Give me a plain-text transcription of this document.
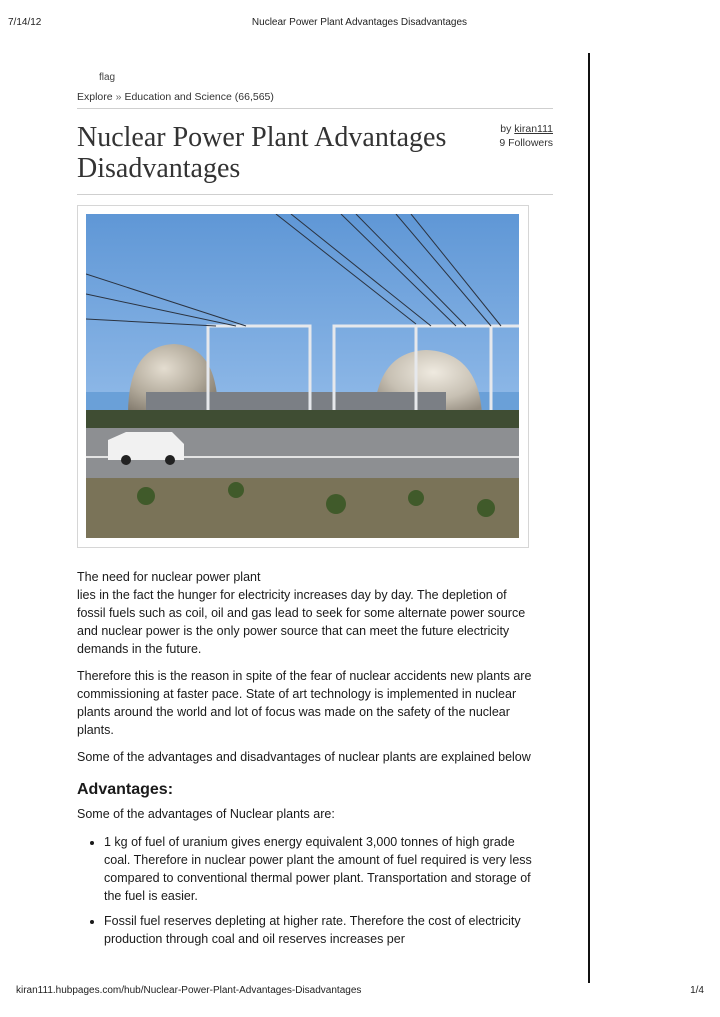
7/14/12	Nuclear Power Plant Advantages Disadvantages
flag
Explore » Education and Science (66,565)
Nuclear Power Plant Advantages Disadvantages
by kiran111
9 Followers

The need for nuclear power plant
lies in the fact the hunger for electricity increases day by day. The depletion of fossil fuels such as coil, oil and gas lead to seek for some alternate power source and nuclear power is the only power source that can meet the future electricity demands in the future.

Therefore this is the reason in spite of the fear of nuclear accidents new plants are commissioning at faster pace. State of art technology is implemented in nuclear plants around the world and lot of focus was made on the safety of the nuclear plants.

Some of the advantages and disadvantages of nuclear plants are explained below

Advantages:

Some of the advantages of Nuclear plants are:

• 1 kg of fuel of uranium gives energy equivalent 3,000 tonnes of high grade coal. Therefore in nuclear power plant the amount of fuel required is very less compared to conventional thermal power plant. Transportation and storage of the fuel is easier.
• Fossil fuel reserves depleting at higher rate. Therefore the cost of electricity production through coal and oil reserves increases per
kiran111.hubpages.com/hub/Nuclear-Power-Plant-Advantages-Disadvantages	1/4
